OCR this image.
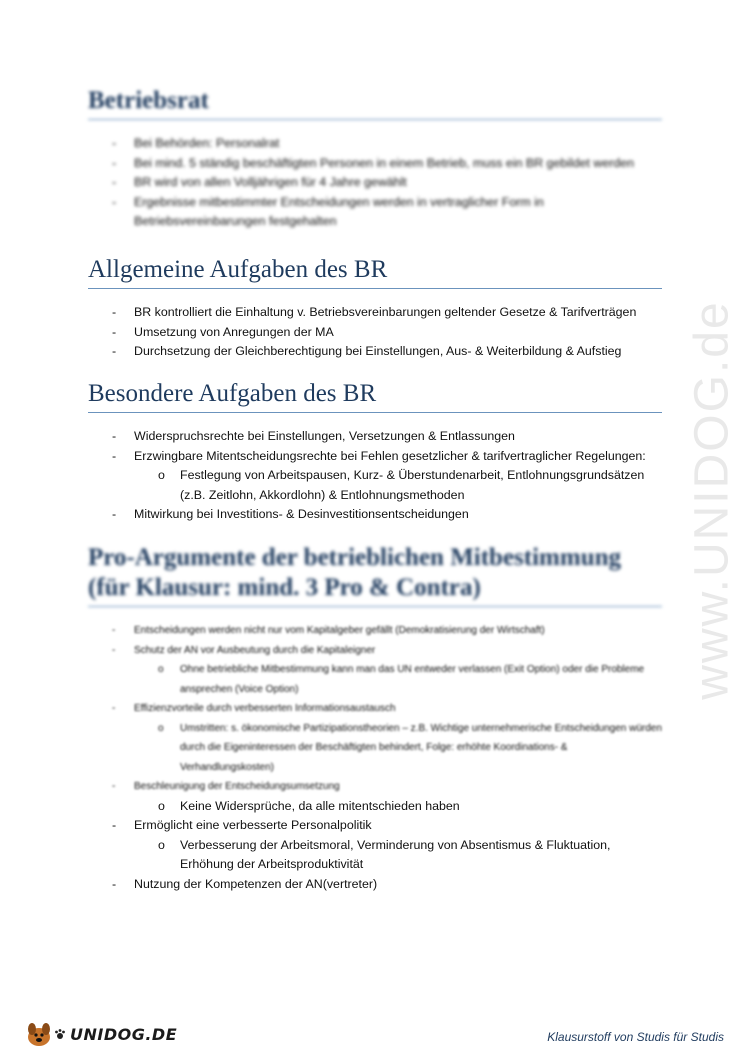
www.UNIDOG.de
Betriebsrat
- Bei Behörden: Personalrat
- Bei mind. 5 ständig beschäftigten Personen in einem Betrieb, muss ein BR gebildet werden
- BR wird von allen Volljährigen für 4 Jahre gewählt
- Ergebnisse mitbestimmter Entscheidungen werden in vertraglicher Form in Betriebsvereinbarungen festgehalten
Allgemeine Aufgaben des BR
- BR kontrolliert die Einhaltung v. Betriebsvereinbarungen geltender Gesetze & Tarifverträgen
- Umsetzung von Anregungen der MA
- Durchsetzung der Gleichberechtigung bei Einstellungen, Aus- & Weiterbildung & Aufstieg
Besondere Aufgaben des BR
- Widerspruchsrechte bei Einstellungen, Versetzungen & Entlassungen
- Erzwingbare Mitentscheidungsrechte bei Fehlen gesetzlicher & tarifvertraglicher Regelungen:
o Festlegung von Arbeitspausen, Kurz- & Überstundenarbeit, Entlohnungsgrundsätzen (z.B. Zeitlohn, Akkordlohn) & Entlohnungsmethoden
- Mitwirkung bei Investitions- & Desinvestitionsentscheidungen
Pro-Argumente der betrieblichen Mitbestimmung (für Klausur: mind. 3 Pro & Contra)
- Entscheidungen werden nicht nur vom Kapitalgeber gefällt (Demokratisierung der Wirtschaft)
- Schutz der AN vor Ausbeutung durch die Kapitaleigner
o Ohne betriebliche Mitbestimmung kann man das UN entweder verlassen (Exit Option) oder die Probleme ansprechen (Voice Option)
- Effizienzvorteile durch verbesserten Informationsaustausch
o Umstritten: s. ökonomische Partizipationstheorien – z.B. Wichtige unternehmerische Entscheidungen würden durch die Eigeninteressen der Beschäftigten behindert, Folge: erhöhte Koordinations- & Verhandlungskosten)
- Beschleunigung der Entscheidungsumsetzung
o Keine Widersprüche, da alle mitentschieden haben
- Ermöglicht eine verbesserte Personalpolitik
o Verbesserung der Arbeitsmoral, Verminderung von Absentismus & Fluktuation, Erhöhung der Arbeitsproduktivität
- Nutzung der Kompetenzen der AN(vertreter)
UNIDOG.DE	Klausurstoff von Studis für Studis
